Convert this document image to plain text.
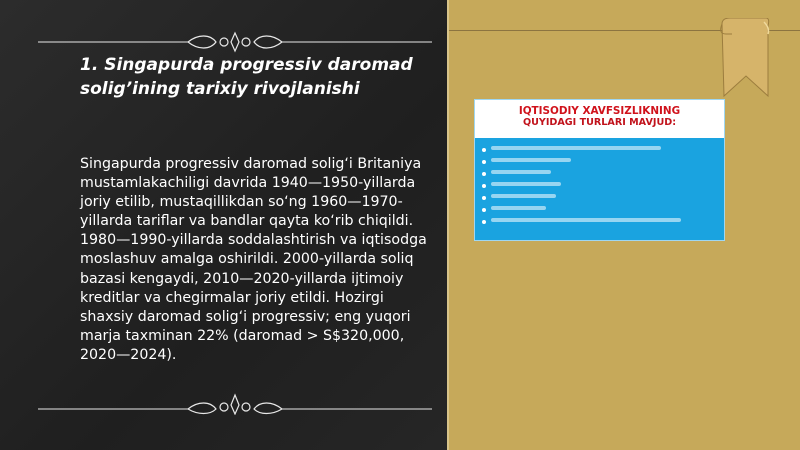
1. Singapurda progressiv daromad
solig’ining tarixiy rivojlanishi

Singapurda progressiv daromad solig‘i Britaniya mustamlakachiligi davrida 1940—1950-yillarda joriy etilib, mustaqillikdan so‘ng 1960—1970-yillarda tariflar va bandlar qayta ko‘rib chiqildi. 1980—1990-yillarda soddalashtirish va iqtisodga moslashuv amalga oshirildi. 2000-yillarda soliq bazasi kengaydi, 2010—2020-yillarda ijtimoiy kreditlar va chegirmalar joriy etildi. Hozirgi shaxsiy daromad solig‘i progressiv; eng yuqori marja taxminan 22% (daromad > S$320,000, 2020—2024).

IQTISODIY XAVFSIZLIKNING

QUYIDAGI TURLARI MAVJUD:
